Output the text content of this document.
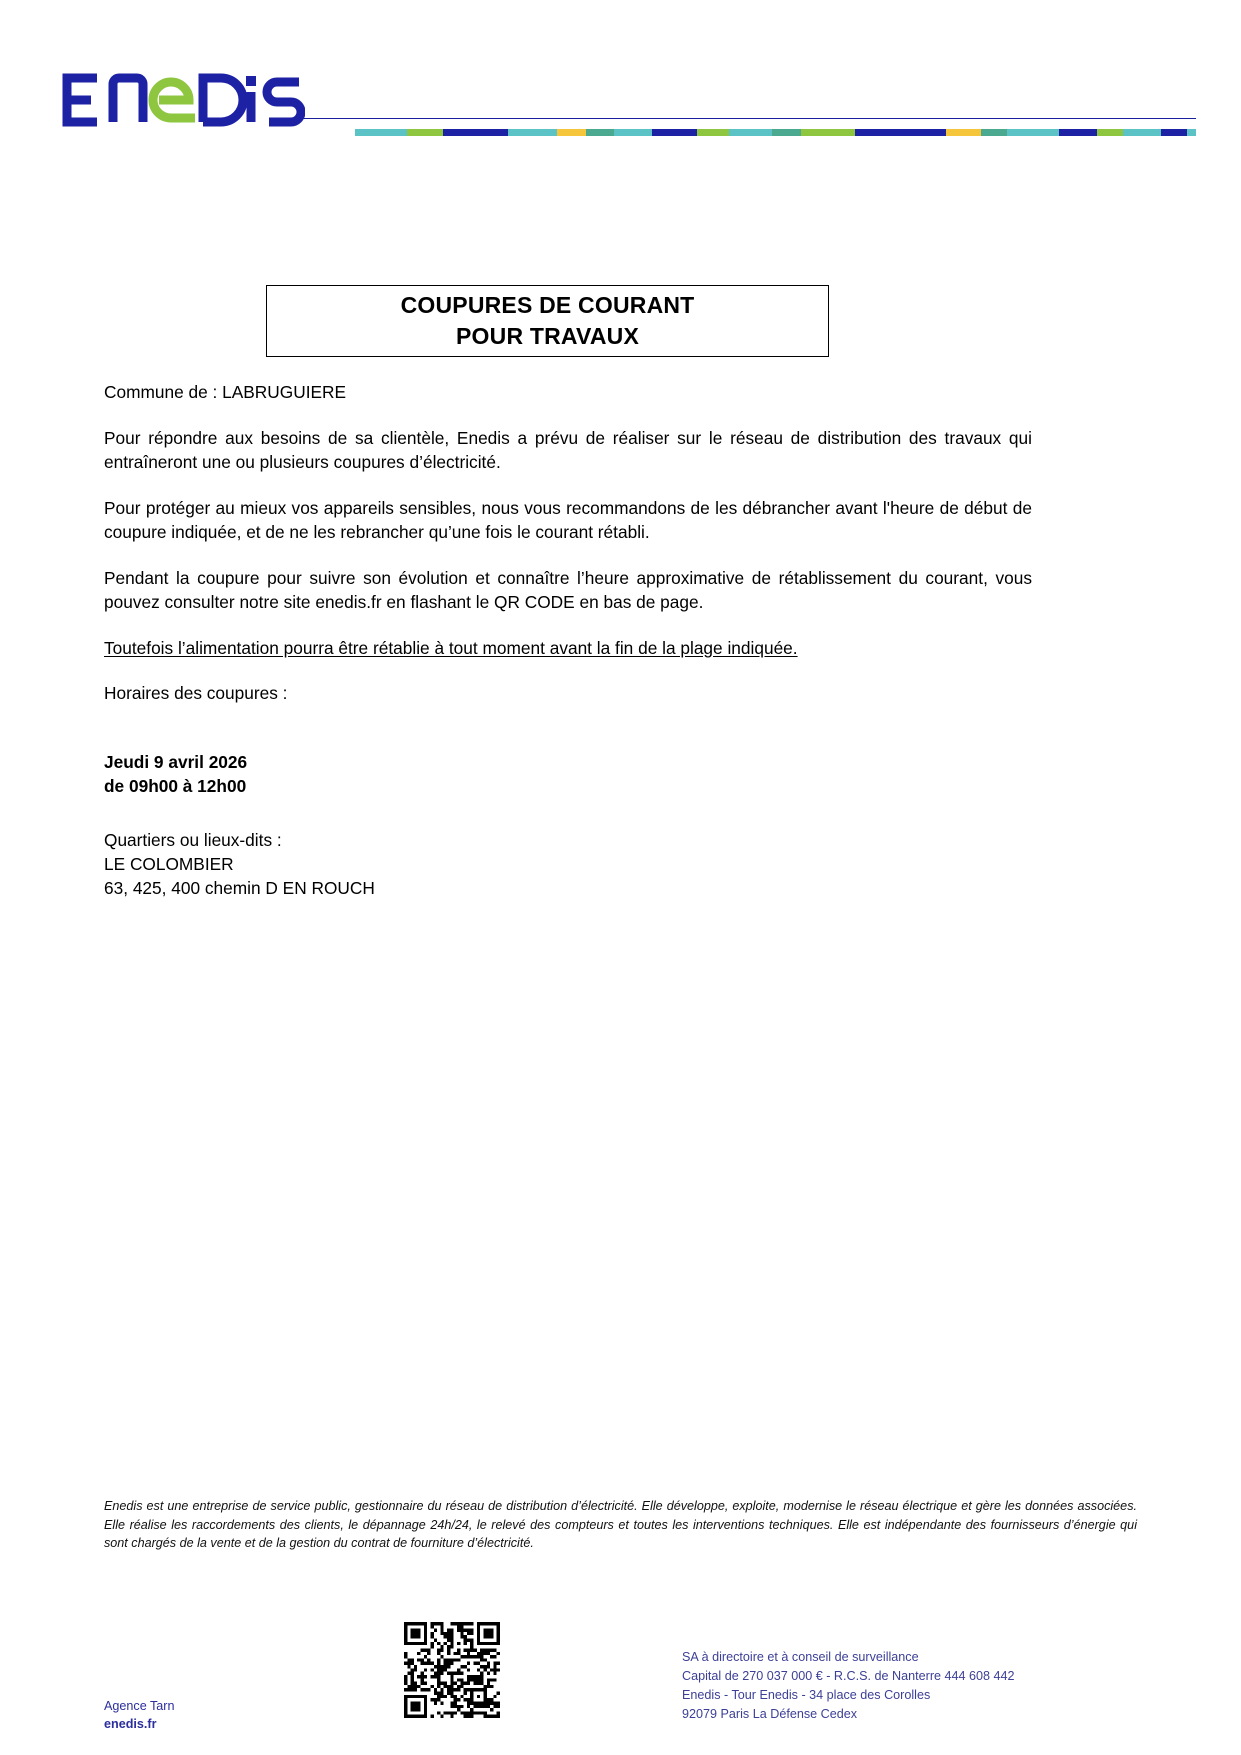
COUPURES DE COURANT
POUR TRAVAUX

Commune de : LABRUGUIERE

Pour répondre aux besoins de sa clientèle, Enedis a prévu de réaliser sur le réseau de distribution des travaux qui entraîneront une ou plusieurs coupures d’électricité.

Pour protéger au mieux vos appareils sensibles, nous vous recommandons de les débrancher avant l'heure de début de coupure indiquée, et de ne les rebrancher qu’une fois le courant rétabli.

Pendant la coupure pour suivre son évolution et connaître l’heure approximative de rétablissement du courant, vous pouvez consulter notre site enedis.fr en flashant le QR CODE en bas de page.

Toutefois l’alimentation pourra être rétablie à tout moment avant la fin de la plage indiquée.

Horaires des coupures :

Jeudi 9 avril 2026
de 09h00 à 12h00
Quartiers ou lieux-dits :
LE COLOMBIER
63, 425, 400 chemin D EN ROUCH
Enedis est une entreprise de service public, gestionnaire du réseau de distribution d’électricité. Elle développe, exploite, modernise le réseau électrique et gère les données associées. Elle réalise les raccordements des clients, le dépannage 24h/24, le relevé des compteurs et toutes les interventions techniques. Elle est indépendante des fournisseurs d’énergie qui sont chargés de la vente et de la gestion du contrat de fourniture d’électricité.
Agence Tarn
enedis.fr
SA à directoire et à conseil de surveillance
Capital de 270 037 000 € - R.C.S. de Nanterre 444 608 442
Enedis - Tour Enedis - 34 place des Corolles
92079 Paris La Défense Cedex
